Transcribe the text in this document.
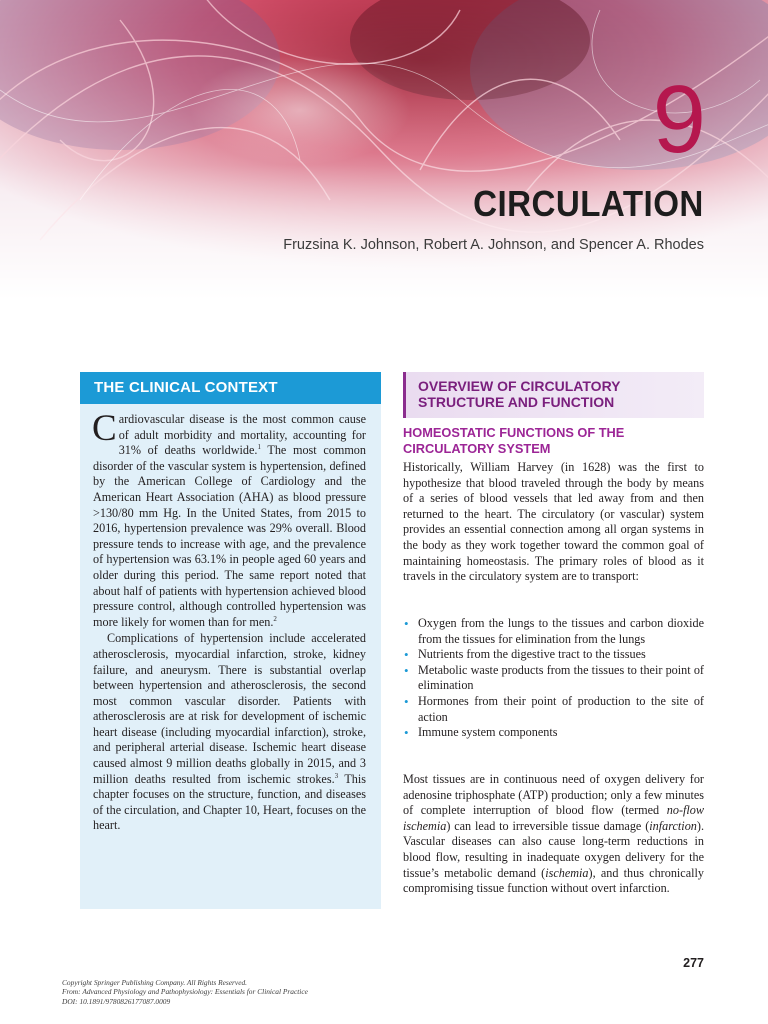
9
CIRCULATION
Fruzsina K. Johnson, Robert A. Johnson, and Spencer A. Rhodes
THE CLINICAL CONTEXT

Cardiovascular disease is the most common cause of adult morbidity and mortality, accounting for 31% of deaths worldwide.$^1$ The most common disorder of the vascular system is hypertension, defined by the American College of Cardiology and the American Heart Association (AHA) as blood pressure >130/80 mm Hg. In the United States, from 2015 to 2016, hypertension prevalence was 29% overall. Blood pressure tends to increase with age, and the prevalence of hypertension was 63.1% in people aged 60 years and older during this period. The same report noted that about half of patients with hypertension achieved blood pressure control, although controlled hypertension was more likely for women than for men.$^2$

Complications of hypertension include accelerated atherosclerosis, myocardial infarction, stroke, kidney failure, and aneurysm. There is substantial overlap between hypertension and atherosclerosis, the second most common vascular disorder. Patients with atherosclerosis are at risk for development of ischemic heart disease (including myocardial infarction), stroke, and peripheral arterial disease. Ischemic heart disease caused almost 9 million deaths globally in 2015, and 3 million deaths resulted from ischemic strokes.$^3$ This chapter focuses on the structure, function, and diseases of the circulation, and Chapter 10, Heart, focuses on the heart.

OVERVIEW OF CIRCULATORY STRUCTURE AND FUNCTION
HOMEOSTATIC FUNCTIONS OF THE CIRCULATORY SYSTEM

Historically, William Harvey (in 1628) was the first to hypothesize that blood traveled through the body by means of a series of blood vessels that led away from and then returned to the heart. The circulatory (or vascular) system provides an essential connection among all organ systems in the body as they work together toward the common goal of maintaining homeostasis. The primary roles of blood as it travels in the circulatory system are to transport:

• Oxygen from the lungs to the tissues and carbon dioxide from the tissues for elimination from the lungs
• Nutrients from the digestive tract to the tissues
• Metabolic waste products from the tissues to their point of elimination
• Hormones from their point of production to the site of action
• Immune system components

Most tissues are in continuous need of oxygen delivery for adenosine triphosphate (ATP) production; only a few minutes of complete interruption of blood flow (termed no-flow ischemia) can lead to irreversible tissue damage (infarction). Vascular diseases can also cause long-term reductions in blood flow, resulting in inadequate oxygen delivery for the tissue’s metabolic demand (ischemia), and thus chronically compromising tissue function without overt infarction.

277
Copyright Springer Publishing Company. All Rights Reserved.
From: Advanced Physiology and Pathophysiology: Essentials for Clinical Practice
DOI: 10.1891/9780826177087.0009
